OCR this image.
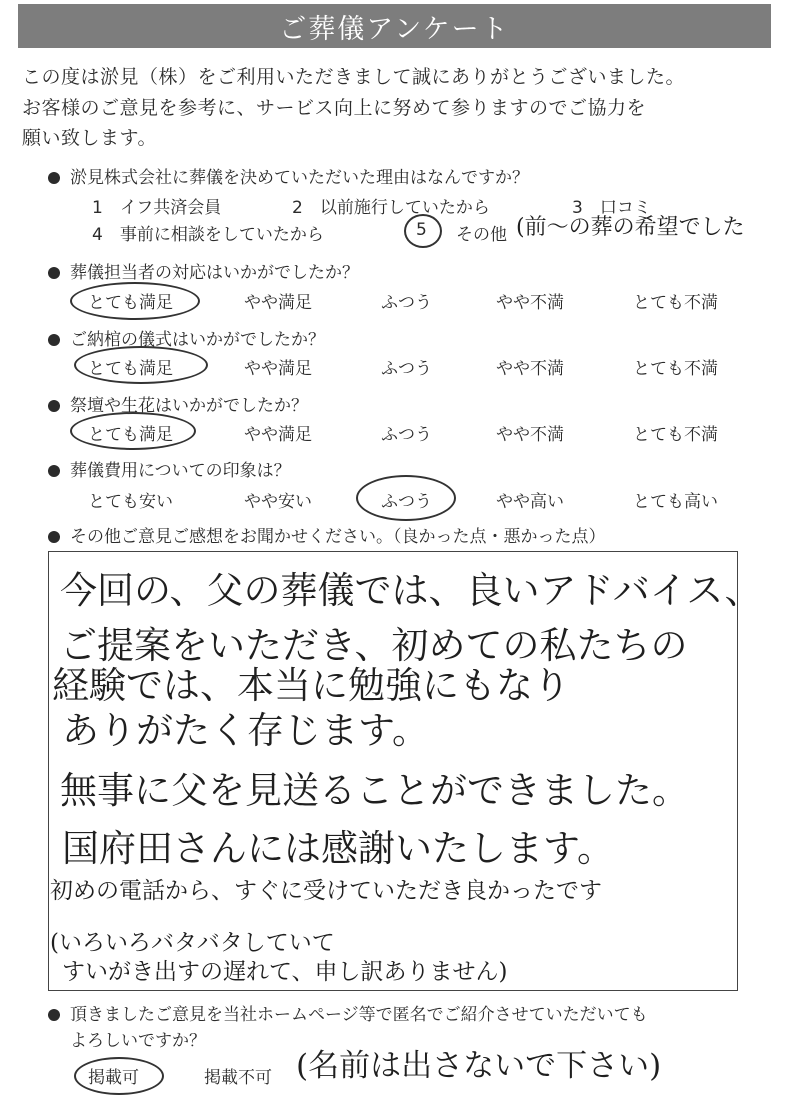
ご葬儀アンケート
この度は淤見（株）をご利用いただきまして誠にありがとうございました。
お客様のご意見を参考に、サービス向上に努めて参りますのでご協力を
願い致します。
淤見株式会社に葬儀を決めていただいた理由はなんですか？
1　イフ共済会員	2　以前施行していたから	3　口コミ
4　事前に相談をしていたから	5 その他 (前～の葬の希望でした
葬儀担当者の対応はいかがでしたか？
とても満足	やや満足	ふつう	やや不満	とても不満
ご納棺の儀式はいかがでしたか？
とても満足	やや満足	ふつう	やや不満	とても不満
祭壇や生花はいかがでしたか？
とても満足	やや満足	ふつう	やや不満	とても不満
葬儀費用についての印象は？
とても安い	やや安い	ふつう	やや高い	とても高い
その他ご意見ご感想をお聞かせください。（良かった点・悪かった点）
今回の、父の葬儀では、良いアドバイス、
ご提案をいただき、初めての私たちの
経験では、本当に勉強にもなり
ありがたく存じます。
無事に父を見送ることができました。
国府田さんには感謝いたします。
初めの電話から、すぐに受けていただき良かったです
(いろいろバタバタしていて
すいがき出すの遅れて、申し訳ありません)
頂きましたご意見を当社ホームページ等で匿名でご紹介させていただいても
よろしいですか？
掲載可	掲載不可 (名前は出さないで下さい)
